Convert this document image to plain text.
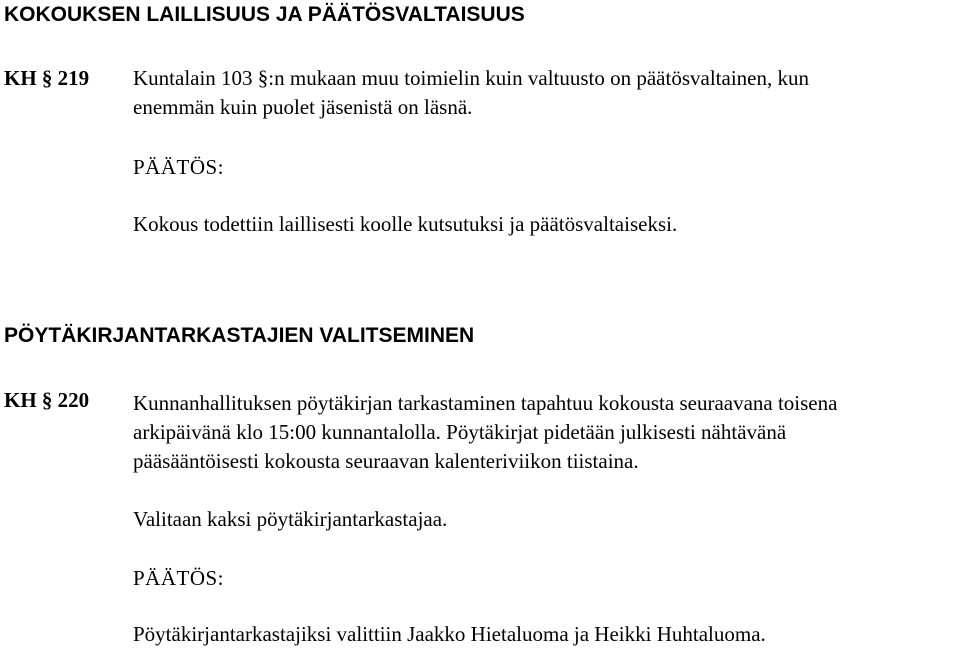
KOKOUKSEN LAILLISUUS JA PÄÄTÖSVALTAISUUS
KH § 219 Kuntalain 103 §:n mukaan muu toimielin kuin valtuusto on päätösvaltainen, kun
enemmän kuin puolet jäsenistä on läsnä.
PÄÄTÖS:
Kokous todettiin laillisesti koolle kutsutuksi ja päätösvaltaiseksi.
PÖYTÄKIRJANTARKASTAJIEN VALITSEMINEN
KH § 220 Kunnanhallituksen pöytäkirjan tarkastaminen tapahtuu kokousta seuraavana toisena
arkipäivänä klo 15:00 kunnantalolla. Pöytäkirjat pidetään julkisesti nähtävänä
pääsääntöisesti kokousta seuraavan kalenteriviikon tiistaina.
Valitaan kaksi pöytäkirjantarkastajaa.
PÄÄTÖS:
Pöytäkirjantarkastajiksi valittiin Jaakko Hietaluoma ja Heikki Huhtaluoma.
